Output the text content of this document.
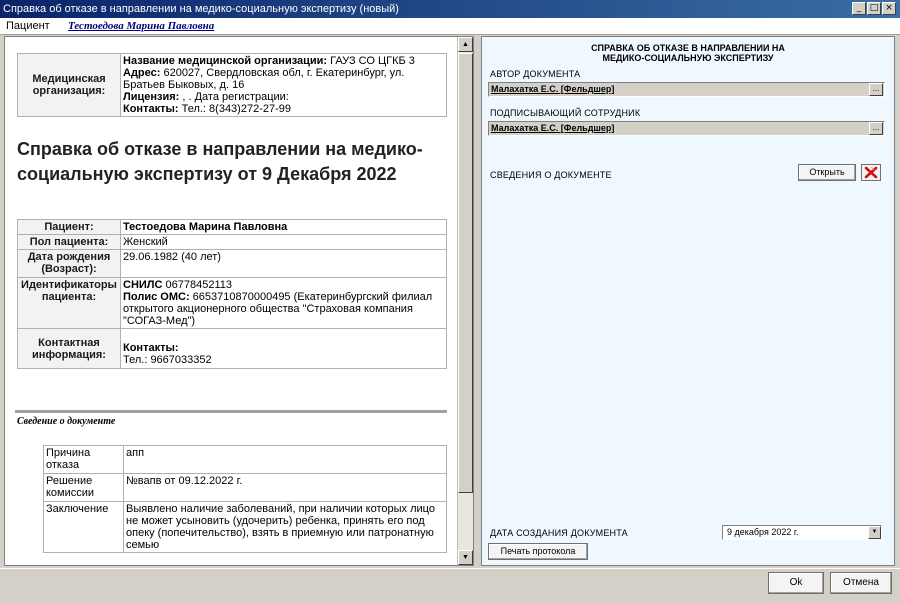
Справка об отказе в направлении на медико-социальную экспертизу (новый)	_ □ ×
Пациент Тестоедова Марина Павловна
Медицинская организация:	Название медицинской организации: ГАУЗ СО ЦГКБ 3
Адрес: 620027, Свердловская обл, г. Екатеринбург, ул. Братьев Быковых, д. 16
Лицензия: , . Дата регистрации:
Контакты: Тел.: 8(343)272-27-99
Справка об отказе в направлении на медико-социальную экспертизу от 9 Декабря 2022
Пациент:	Тестоедова Марина Павловна
Пол пациента:	Женский
Дата рождения (Возраст):	29.06.1982 (40 лет)
Идентификаторы пациента:	СНИЛС 06778452113
Полис ОМС: 6653710870000495 (Екатеринбургский филиал открытого акционерного общества "Страховая компания "СОГАЗ-Мед")
Контактная информация:	Контакты:
Тел.: 9667033352
Сведение о документе
Причина отказа	апп
Решение комиссии	№вапв от 09.12.2022 г.
Заключение	Выявлено наличие заболеваний, при наличии которых лицо не может усыновить (удочерить) ребенка, принять его под опеку (попечительство), взять в приемную или патронатную семью
▲
▼
СПРАВКА ОБ ОТКАЗЕ В НАПРАВЛЕНИИ НА МЕДИКО-СОЦИАЛЬНУЮ ЭКСПЕРТИЗУ
АВТОР ДОКУМЕНТА
Малахатка Е.С. [Фельдшер]	...
ПОДПИСЫВАЮЩИЙ СОТРУДНИК
Малахатка Е.С. [Фельдшер]	...
СВЕДЕНИЯ О ДОКУМЕНТЕ	Открыть
ДАТА СОЗДАНИЯ ДОКУМЕНТА	9 декабря 2022 г.	▼
Печать протокола
Ok	Отмена
